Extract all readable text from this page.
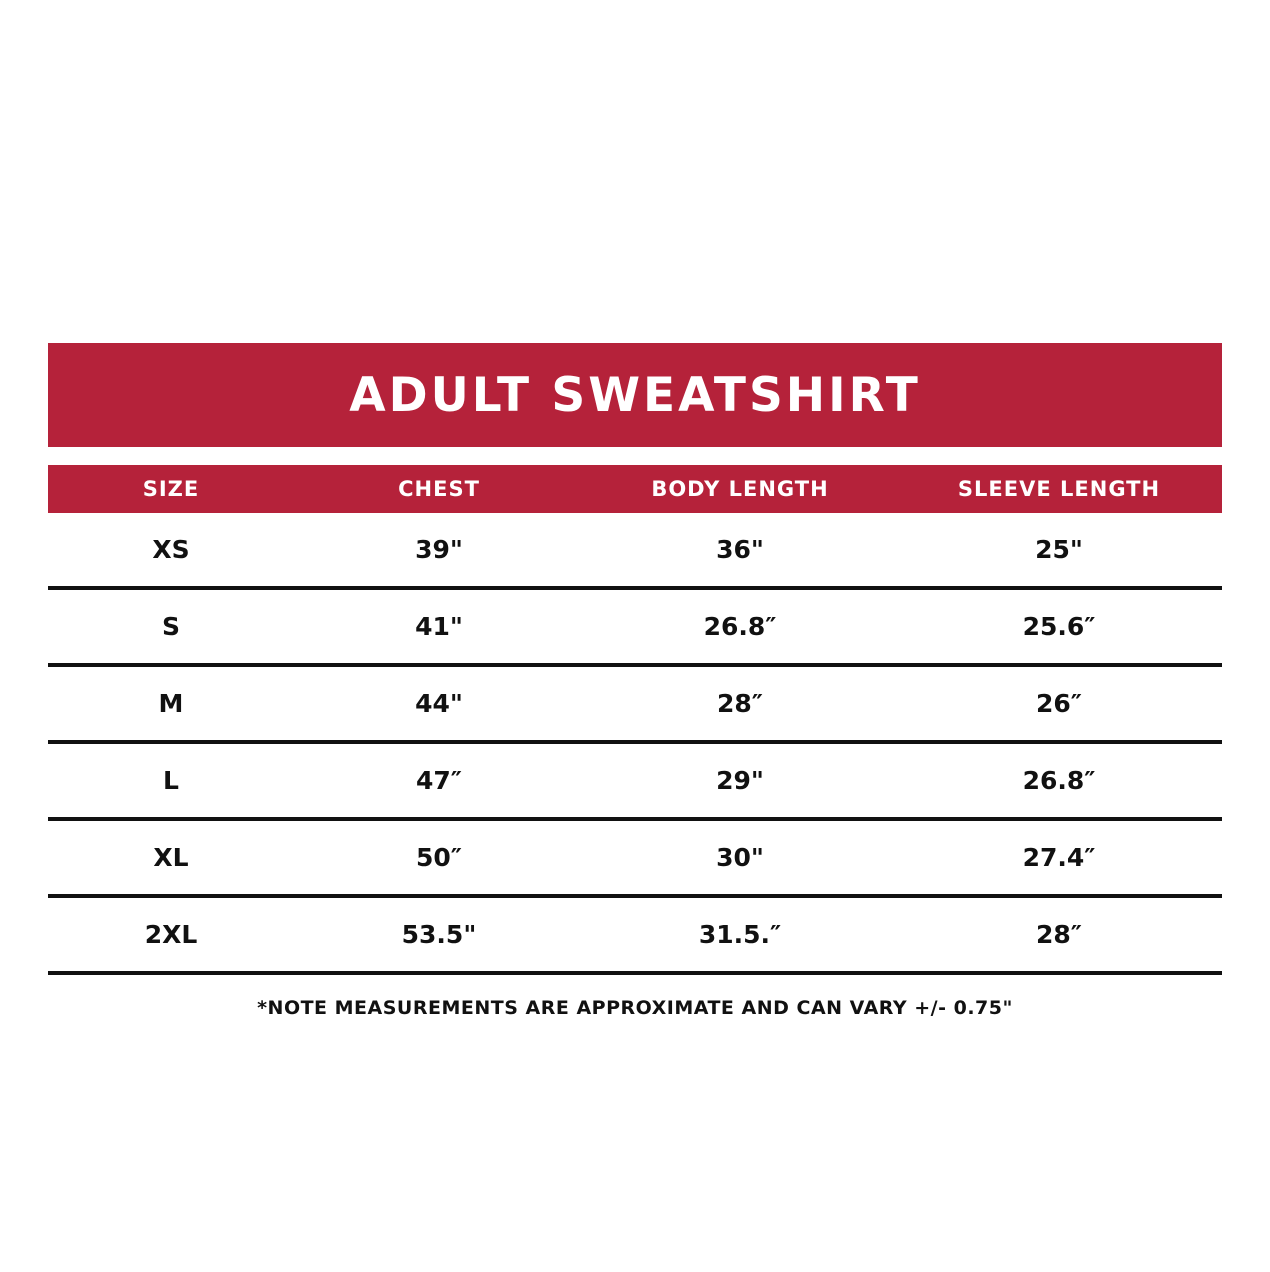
ADULT SWEATSHIRT
SIZE	CHEST	BODY LENGTH	SLEEVE LENGTH
XS	39"	36"	25"
S	41"	26.8″	25.6″
M	44"	28″	26″
L	47″	29"	26.8″
XL	50″	30"	27.4″
2XL	53.5"	31.5.″	28″
*NOTE MEASUREMENTS ARE APPROXIMATE AND CAN VARY +/- 0.75"
